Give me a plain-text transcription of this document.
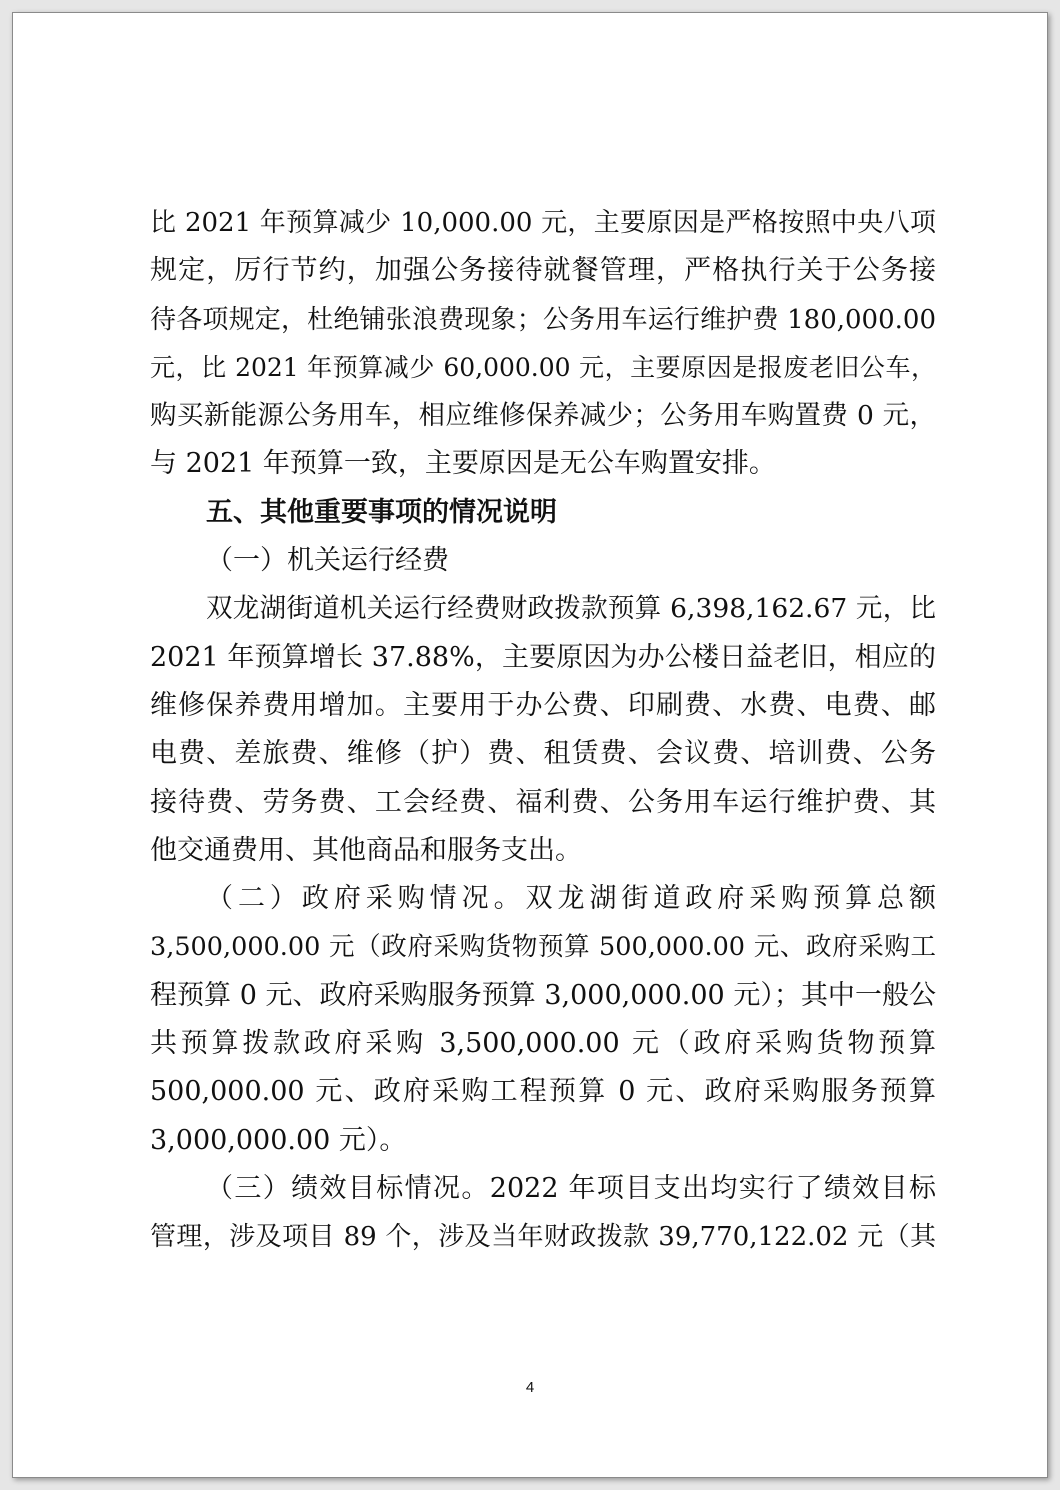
比 2021 年预算减少 10,000.00 元，主要原因是严格按照中央八项
规定，厉行节约，加强公务接待就餐管理，严格执行关于公务接
待各项规定，杜绝铺张浪费现象；公务用车运行维护费 180,000.00
元，比 2021 年预算减少 60,000.00 元，主要原因是报废老旧公车，
购买新能源公务用车，相应维修保养减少；公务用车购置费 0 元，
与 2021 年预算一致，主要原因是无公车购置安排。
五、其他重要事项的情况说明
（一）机关运行经费
双龙湖街道机关运行经费财政拨款预算 6,398,162.67 元，比
2021 年预算增长 37.88%，主要原因为办公楼日益老旧，相应的
维修保养费用增加。主要用于办公费、印刷费、水费、电费、邮
电费、差旅费、维修（护）费、租赁费、会议费、培训费、公务
接待费、劳务费、工会经费、福利费、公务用车运行维护费、其
他交通费用、其他商品和服务支出。
（二）政府采购情况。双龙湖街道政府采购预算总额
3,500,000.00 元（政府采购货物预算 500,000.00 元、政府采购工
程预算 0 元、政府采购服务预算 3,000,000.00 元）；其中一般公
共预算拨款政府采购 3,500,000.00 元（政府采购货物预算
500,000.00 元、政府采购工程预算 0 元、政府采购服务预算
3,000,000.00 元）。
（三）绩效目标情况。2022 年项目支出均实行了绩效目标
管理，涉及项目 89 个，涉及当年财政拨款 39,770,122.02 元（其
4
